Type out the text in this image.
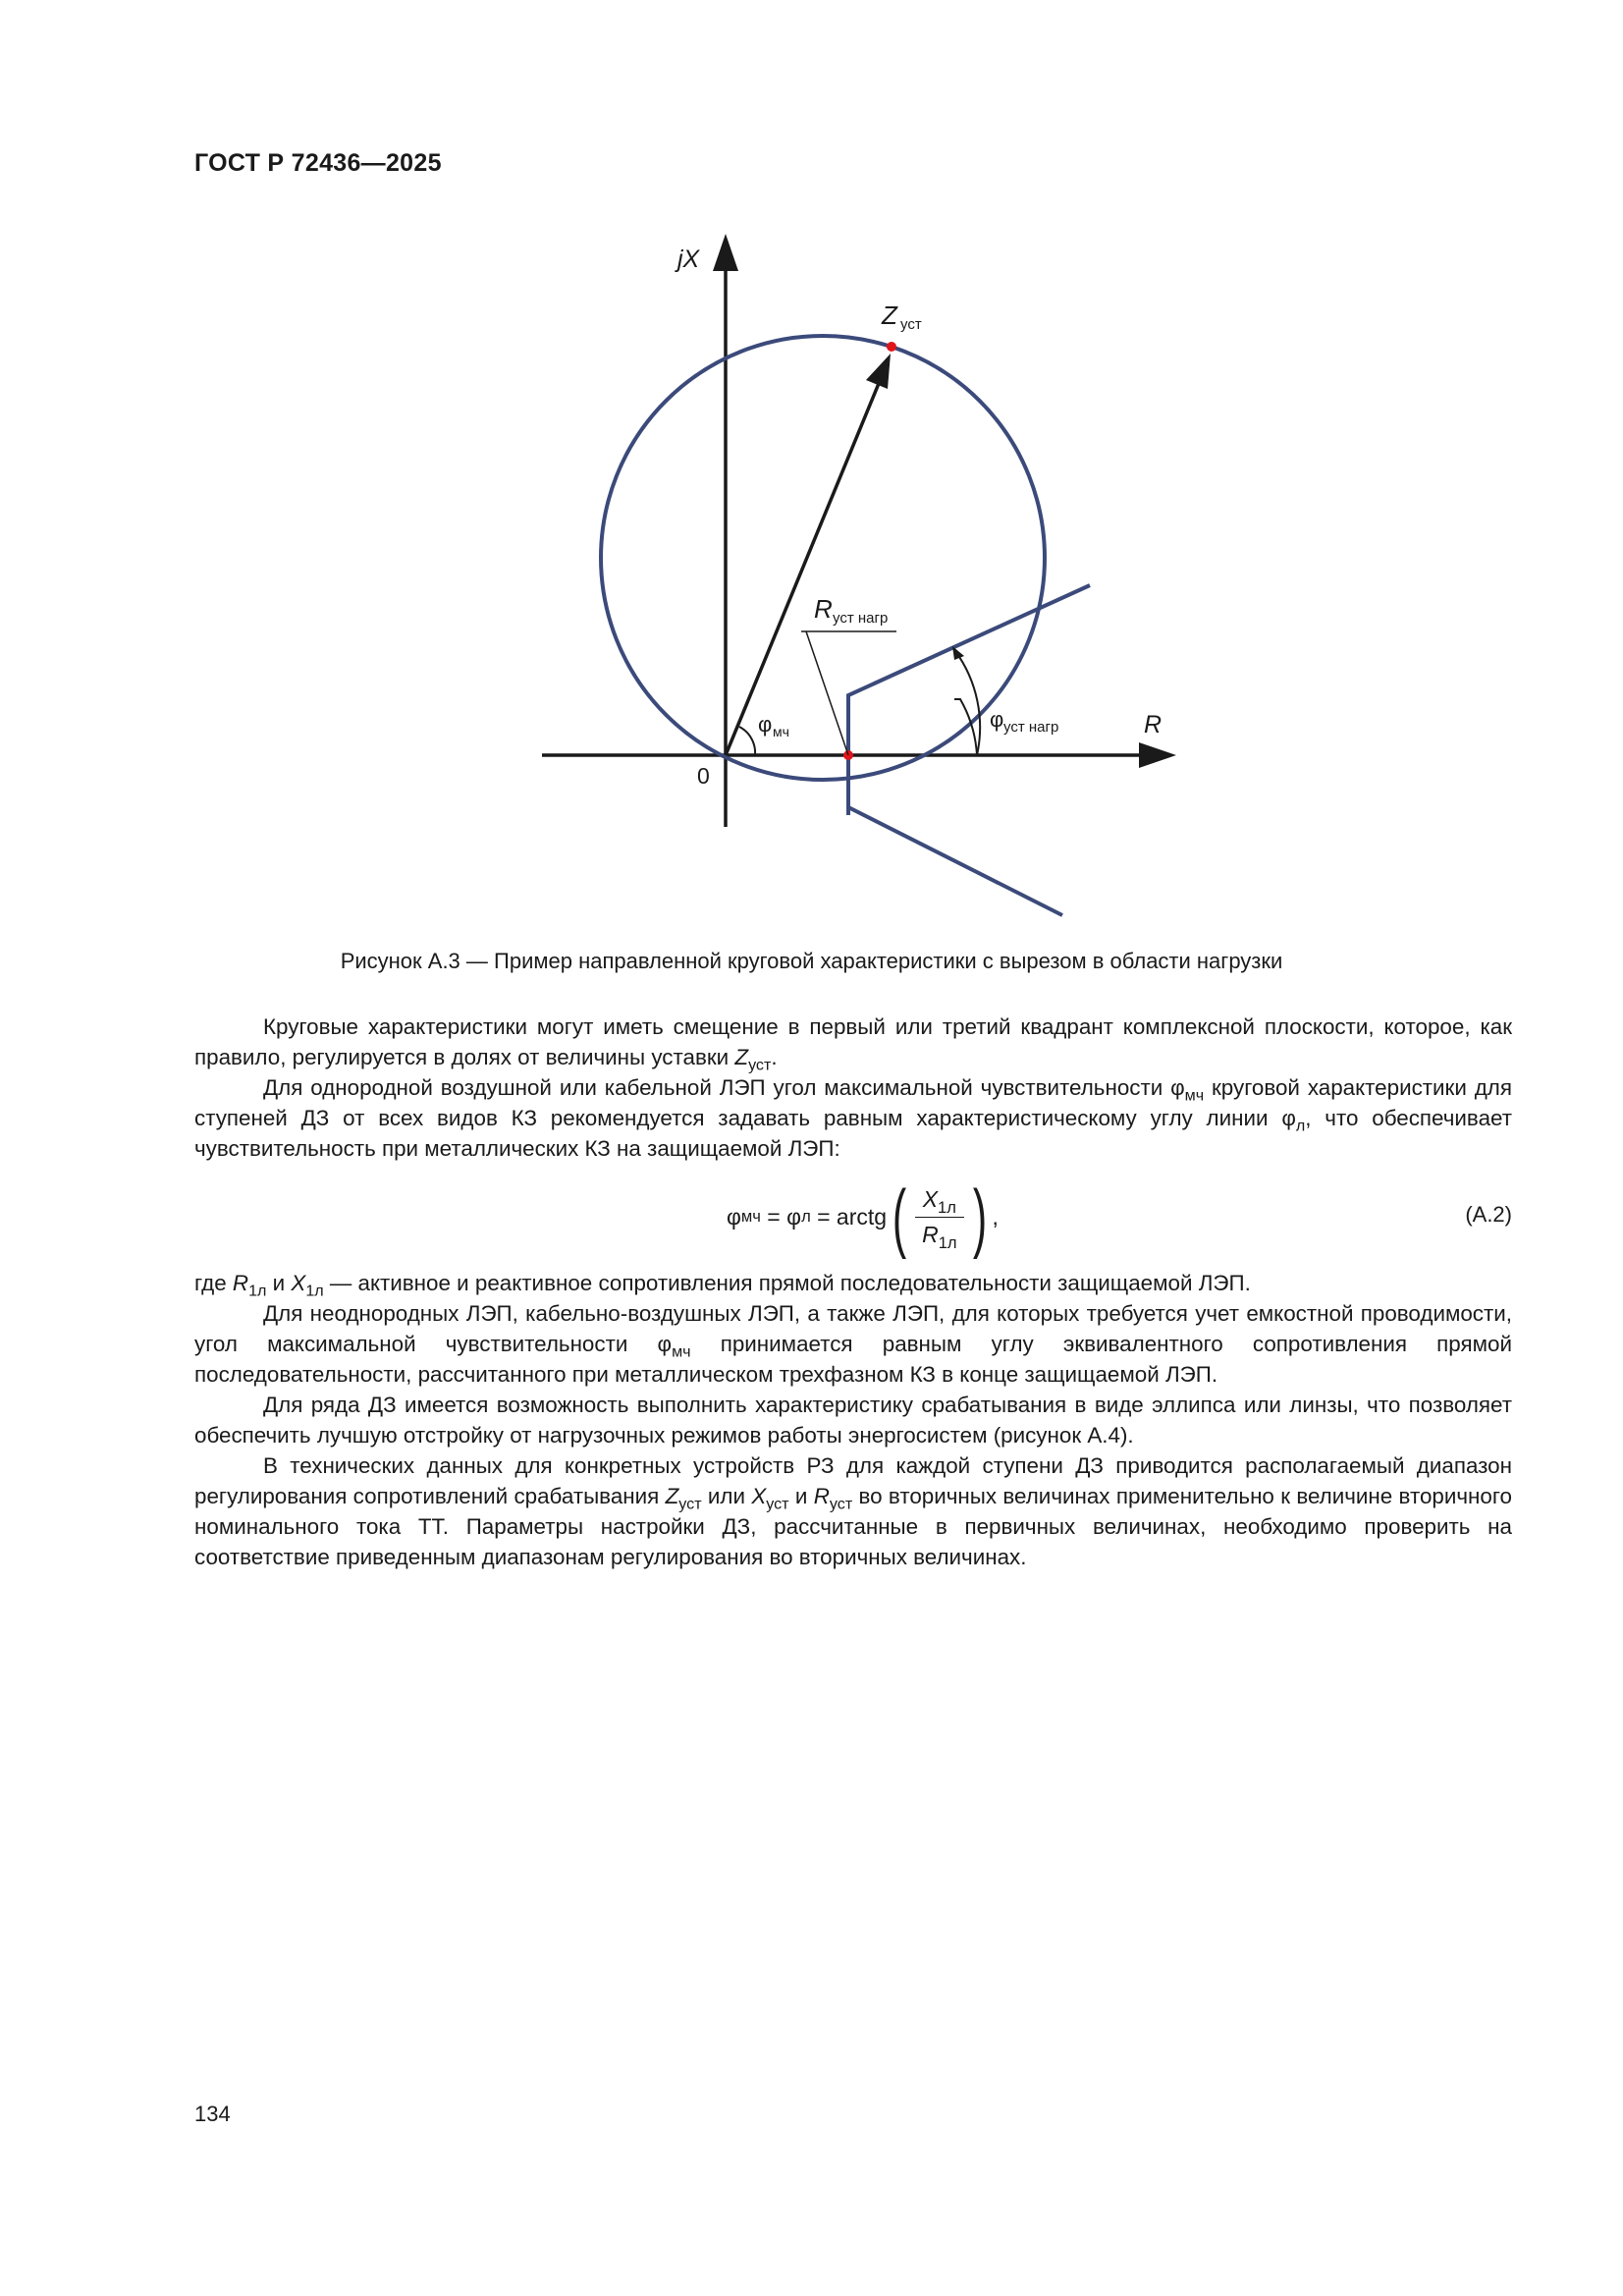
ГОСТ Р 72436—2025
jX
R
0
Z уст
R уст нагр
φ мч	φ уст нагр
Рисунок А.3 — Пример направленной круговой характеристики с вырезом в области нагрузки

Круговые характеристики могут иметь смещение в первый или третий квадрант комплексной плоскости, которое, как правило, регулируется в долях от величины уставки $Z_{уст}$.

Для однородной воздушной или кабельной ЛЭП угол максимальной чувствительности $\varphi_{мч}$ круговой характеристики для ступеней ДЗ от всех видов КЗ рекомендуется задавать равным характеристическому углу линии $\varphi_л$, что обеспечивает чувствительность при металлических КЗ на защищаемой ЛЭП:

φ мч = φ л = arctg ( $\frac{X_{1л}}{R_{1л}}$ ) ,	(А.2)

где $R_{1л}$ и $X_{1л}$ — активное и реактивное сопротивления прямой последовательности защищаемой ЛЭП.

Для неоднородных ЛЭП, кабельно-воздушных ЛЭП, а также ЛЭП, для которых требуется учет емкостной проводимости, угол максимальной чувствительности $\varphi_{мч}$ принимается равным углу эквивалентного сопротивления прямой последовательности, рассчитанного при металлическом трехфазном КЗ в конце защищаемой ЛЭП.

Для ряда ДЗ имеется возможность выполнить характеристику срабатывания в виде эллипса или линзы, что позволяет обеспечить лучшую отстройку от нагрузочных режимов работы энергосистем (рисунок А.4).

В технических данных для конкретных устройств РЗ для каждой ступени ДЗ приводится располагаемый диапазон регулирования сопротивлений срабатывания $Z_{уст}$ или $X_{уст}$ и $R_{уст}$ во вторичных величинах применительно к величине вторичного номинального тока ТТ. Параметры настройки ДЗ, рассчитанные в первичных величинах, необходимо проверить на соответствие приведенным диапазонам регулирования во вторичных величинах.

134
